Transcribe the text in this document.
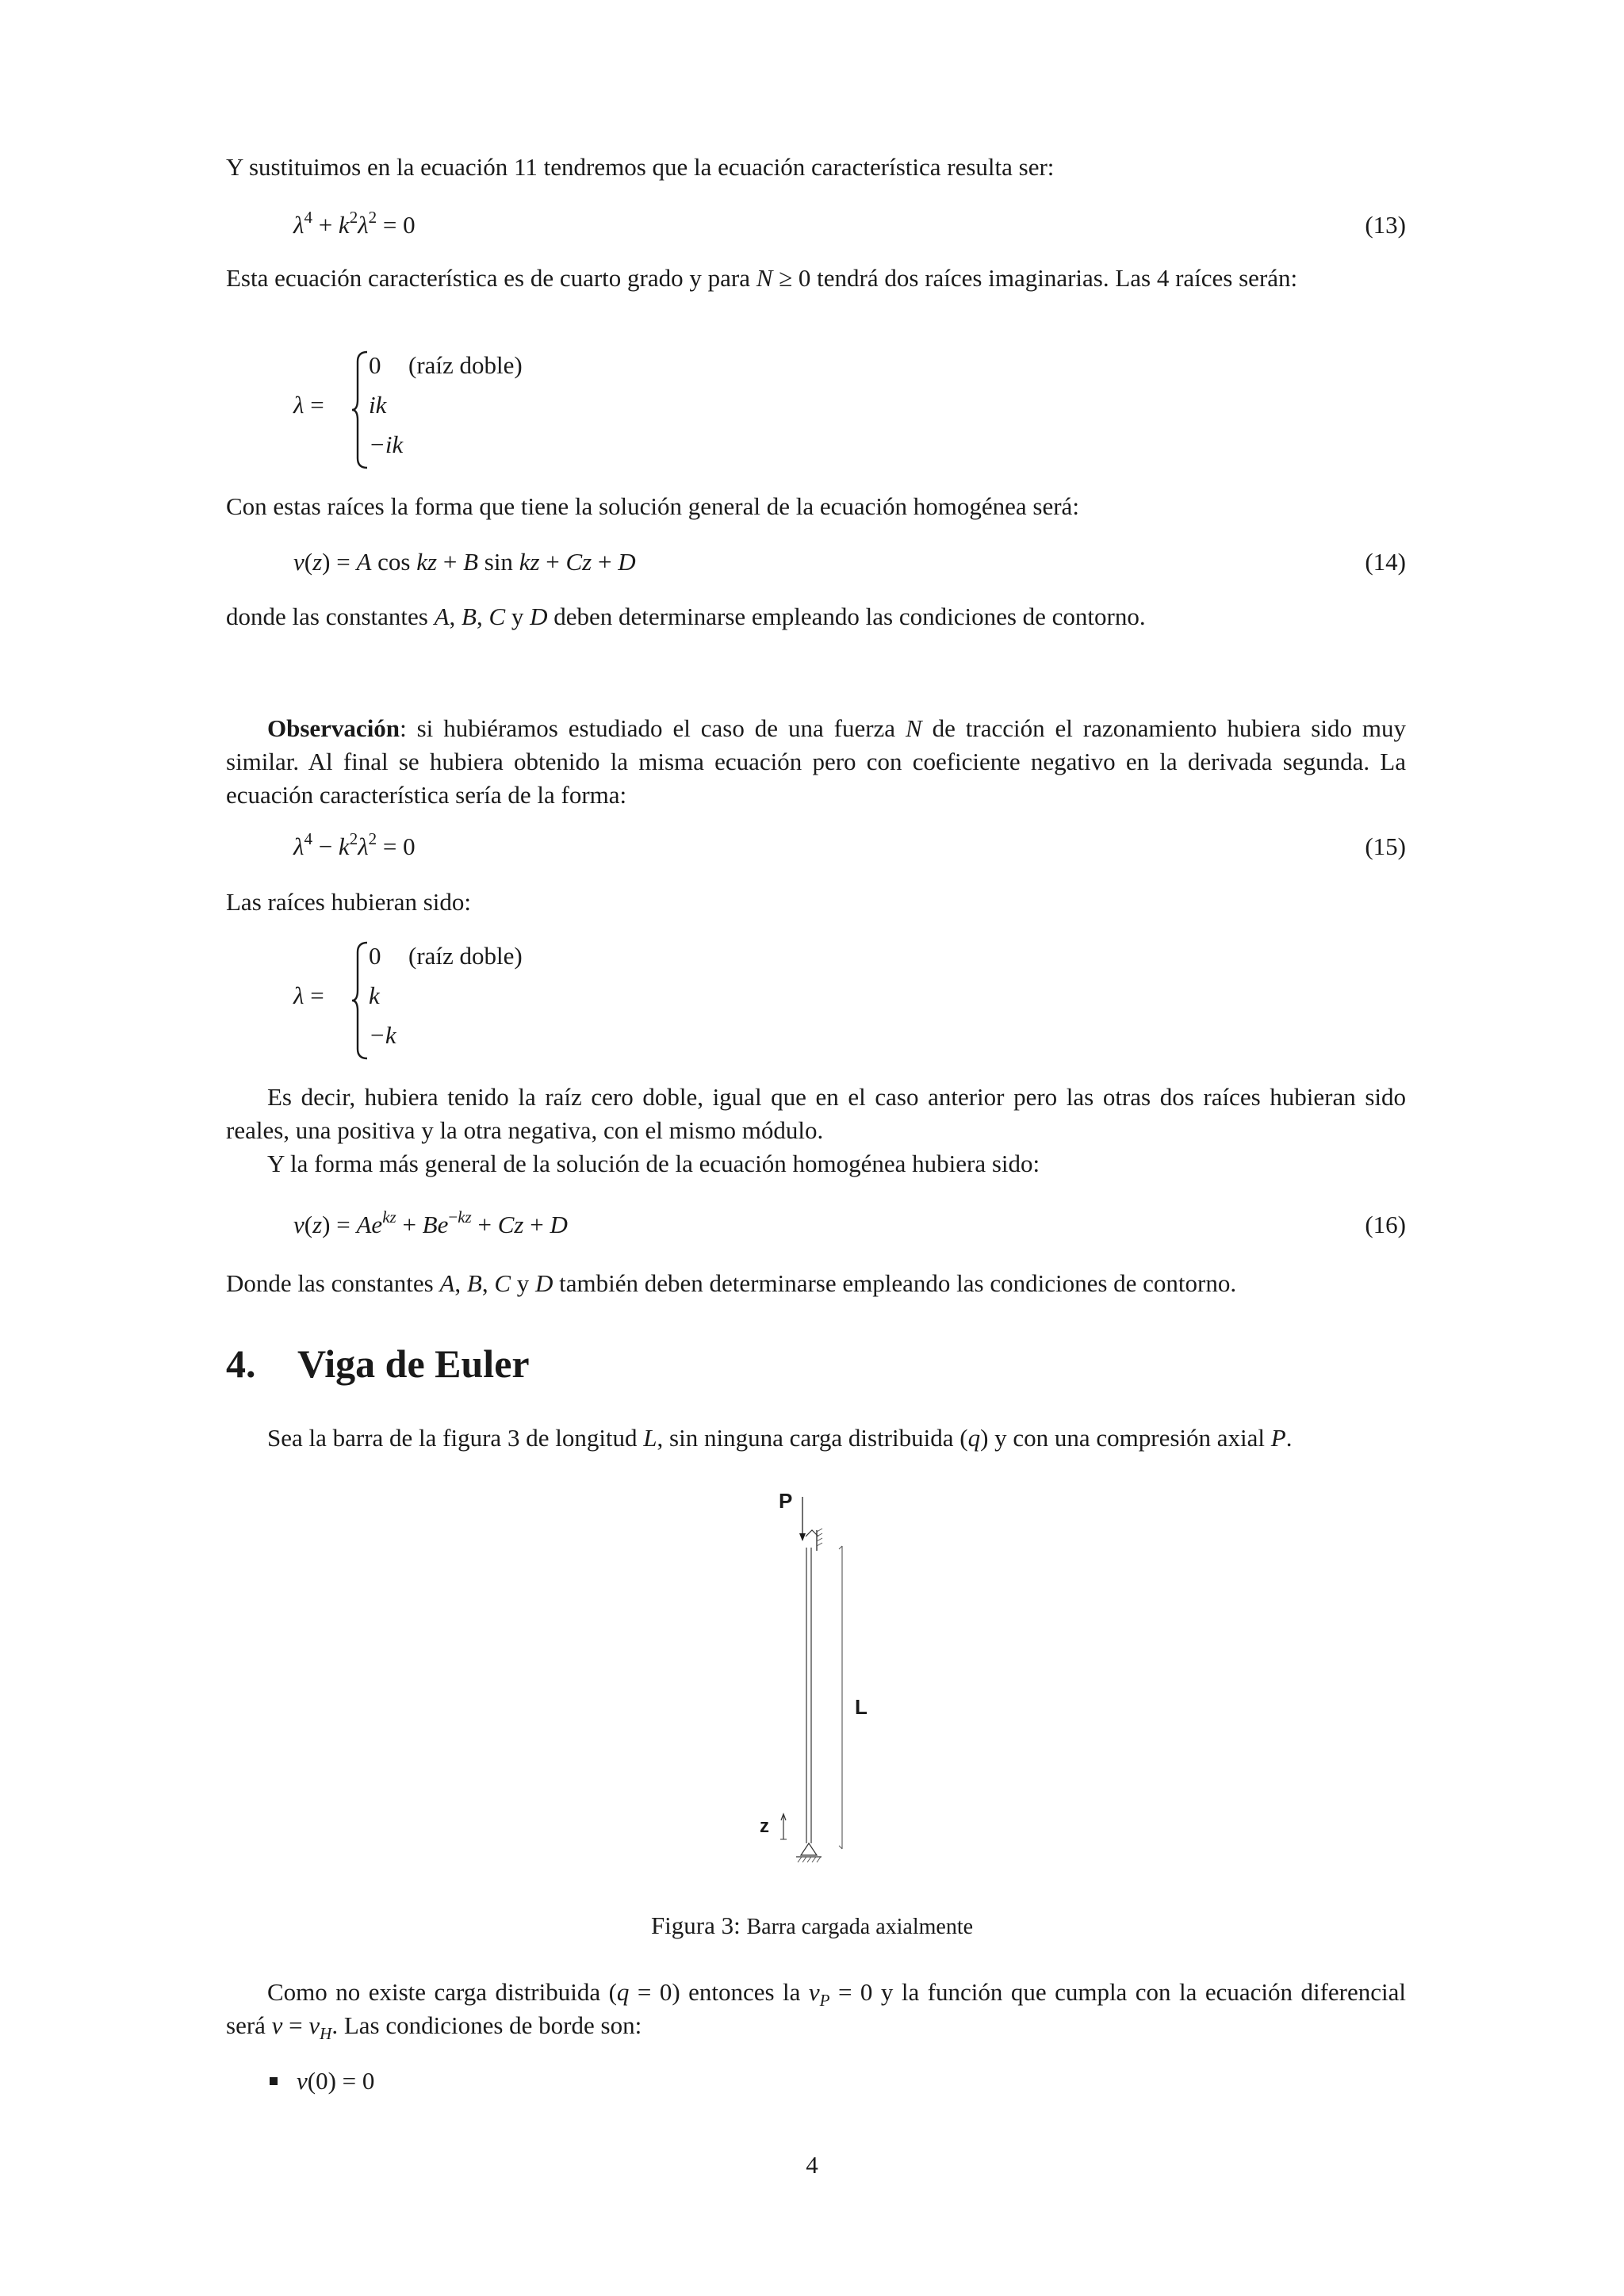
Y sustituimos en la ecuación 11 tendremos que la ecuación característica resulta ser:

$\lambda^4 + k^2\lambda^2 = 0$	(13)

Esta ecuación característica es de cuarto grado y para N ≥ 0 tendrá dos raíces imaginarias. Las 4 raíces serán:

λ =
0 (raíz doble)
ik
−ik

Con estas raíces la forma que tiene la solución general de la ecuación homogénea será:

v(z) = A cos kz + B sin kz + Cz + D	(14)

donde las constantes A, B, C y D deben determinarse empleando las condiciones de contorno.

Observación: si hubiéramos estudiado el caso de una fuerza N de tracción el razonamiento hubiera sido muy similar. Al final se hubiera obtenido la misma ecuación pero con coeficiente negativo en la derivada segunda. La ecuación característica sería de la forma:

$\lambda^4 - k^2\lambda^2 = 0$	(15)

Las raíces hubieran sido:

λ =
0 (raíz doble)
k
−k

Es decir, hubiera tenido la raíz cero doble, igual que en el caso anterior pero las otras dos raíces hubieran sido reales, una positiva y la otra negativa, con el mismo módulo.

Y la forma más general de la solución de la ecuación homogénea hubiera sido:

$v(z) = Ae^{kz} + Be^{-kz} + Cz + D$	(16)

Donde las constantes A, B, C y D también deben determinarse empleando las condiciones de contorno.

4. Viga de Euler

Sea la barra de la figura 3 de longitud L, sin ninguna carga distribuida (q) y con una compresión axial P.

P
L
z
Figura 3: Barra cargada axialmente

Como no existe carga distribuida (q = 0) entonces la $v_P = 0$ y la función que cumpla con la ecuación diferencial será $v = v_H$. Las condiciones de borde son:

v(0) = 0
4
